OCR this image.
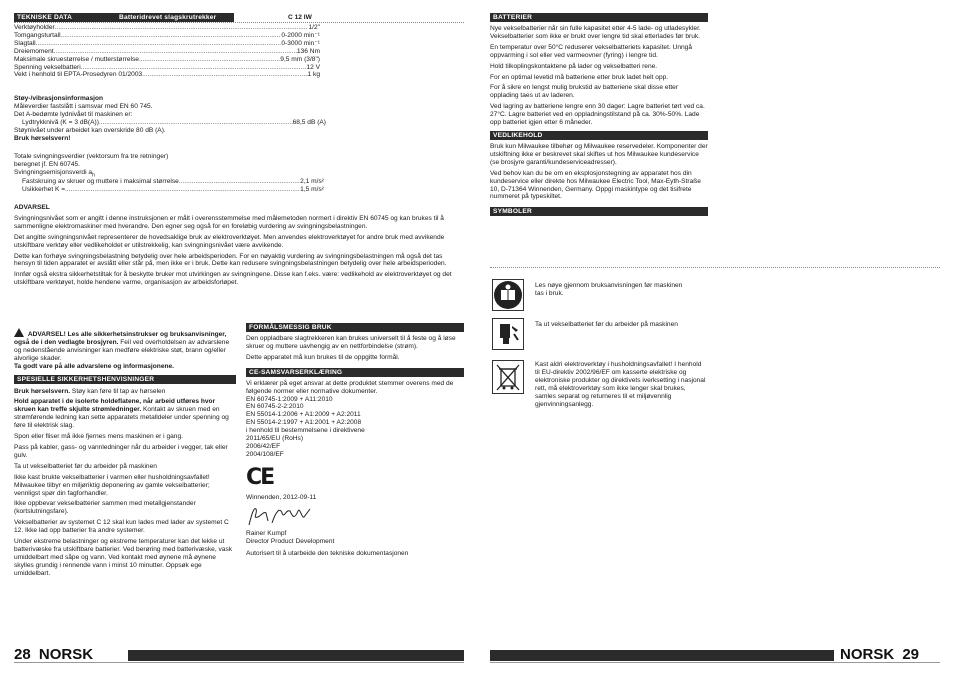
TEKNISKE DATA	Batteridrevet slagskrutrekker	C 12 IW
Verktøyholder .....	1/2"
Tomgangsturtall .....	0-2000 min⁻¹
Slagtall .....	0-3000 min⁻¹
Dreiemoment .....	136 Nm
Maksimale skruestørrelse / mutterstørrelse .....	9,5 mm (3/8")
Spenning vekselbatteri .....	12 V
Vekt i henhold til EPTA-Prosedyren 01/2003 .....	1 kg
Støy-/vibrasjonsinformasjon
Måleverdier fastslått i samsvar med EN 60 745.
Det A-bedømte lydnivået til maskinen er:
Lydtrykknivå (K = 3 dB(A)) .....	68,5 dB (A)
Støynivået under arbeidet kan overskride 80 dB (A).
Bruk hørselsvern!
Totale svingningsverdier (vektorsum fra tre retninger)
beregnet jf. EN 60745.
Svingningsemisjonsverdi $a_h$
Fastskruing av skruer og muttere i maksimal størrelse .....	2,1 m/s²
Usikkerhet K = .....	1,5 m/s²

ADVARSEL

Svingningsnivået som er angitt i denne instruksjonen er målt i overensstemmelse med målemetoden normert i direktiv EN 60745 og kan brukes til å sammenligne elektromaskiner med hverandre. Den egner seg også for en foreløbig vurdering av svingningsbelastningen.

Det angitte svingningsnivået representerer de hovedsaklige bruk av elektroverktøyet. Men anvendes elektroverktøyet for andre bruk med avvikende utskiftbare verktøy eller vedlikeholdet er utilstrekkelig, kan svingningsnivået være avvikende.

Dette kan forhøye svingningsbelastning betydelig over hele arbeidsperioden. For en nøyaktig vurdering av svingningsbelastningen må også det tas hensyn til tiden apparatet er avslått eller står på, men ikke er i bruk. Dette kan redusere svingningsbelastningen betydelig over hele arbeidsperioden.

Innfør også ekstra sikkerhetstiltak for å beskytte bruker mot utvirkingen av svingningene. Disse kan f.eks. være: vedlikehold av elektroverktøyet og det utskiftbare verktøyet, holde hendene varme, organisasjon av arbeidsforløpet.

ADVARSEL! Les alle sikkerhetsinstrukser og bruksanvisninger, også de i den vedlagte brosjyren. Feil ved overholdelsen av advarslene og nedenstående anvisninger kan medføre elektriske støt, brann og/eller alvorlige skader.
Ta godt vare på alle advarslene og informasjonene.

SPESIELLE SIKKERHETSHENVISNINGER

Bruk hørselsvern. Støy kan føre til tap av hørselen

Hold apparatet i de isolerte holdeflatene, når arbeid utføres hvor skruen kan treffe skjulte strømledninger. Kontakt av skruen med en strømførende ledning kan sette apparatets metalldeler under spenning og føre til elektrisk slag.

Spon eller fliser må ikke fjernes mens maskinen er i gang.

Pass på kabler, gass- og vannledninger når du arbeider i vegger, tak eller gulv.

Ta ut vekselbatteriet før du arbeider på maskinen

Ikke kast brukte vekselbatterier i varmen eller husholdningsavfallet! Milwaukee tilbyr en miljøriktig deponering av gamle vekselbatterier; vennligst spør din fagforhandler.

Ikke oppbevar vekselbatterier sammen med metallgjenstander (kortslutningsfare).

Vekselbatterier av systemet C 12 skal kun lades med lader av systemet C 12. Ikke lad opp batterier fra andre systemer.

Under ekstreme belastninger og ekstreme temperaturer kan det lekke ut batterivæske fra utskiftbare batterier. Ved berøring med batterivæske, vask umiddelbart med såpe og vann. Ved kontakt med øynene må øynene skylles grundig i rennende vann i minst 10 minutter. Oppsøk ege umiddelbart.

FORMÅLSMESSIG BRUK

Den oppladbare slagtrekkeren kan brukes universelt til å feste og å løse skruer og muttere uavhengig av en nettforbindelse (strøm).

Dette apparatet må kun brukes til de oppgitte formål.

CE-SAMSVARSERKLÆRING

Vi erklærer på eget ansvar at dette produktet stemmer overens med de følgende normer eller normative dokumenter.

EN 60745-1:2009 + A11:2010
EN 60745-2-2:2010
EN 55014-1:2006 + A1:2009 + A2:2011
EN 55014-2:1997 + A1:2001 + A2:2008
i henhold til bestemmelsene i direktivene
2011/65/EU (RoHs)
2006/42/EF
2004/108/EF
CE
Winnenden, 2012-09-11
Rainer Kumpf
Director Product Development
Autorisert til å utarbeide den tekniske dokumentasjonen
28 NORSK
BATTERIER

Nye vekselbatterier når sin fulle kapasitet etter 4-5 lade- og utladesykler. Vekselbatterier som ikke er brukt over lengre tid skal etterlades før bruk.

En temperatur over 50°C reduserer vekselbatteriets kapasitet. Unngå oppvarming i sol eller ved varmeovner (fyring) i lengre tid.

Hold tilkoplingskontaktene på lader og vekselbatteri rene.

For en optimal levetid må batteriene etter bruk ladet helt opp.

For å sikre en lengst mulig brukstid av batteriene skal disse etter opplading taes ut av laderen.

Ved lagring av batteriene lengre enn 30 dager: Lagre batteriet tørt ved ca. 27°C. Lagre batteriet ved en oppladningstilstand på ca. 30%-50%. Lade opp batteriet igjen etter 6 måneder.

VEDLIKEHOLD

Bruk kun Milwaukee tilbehør og Milwaukee reservedeler. Komponenter der utskiftning ikke er beskrevet skal skiftes ut hos Milwaukee kundeservice (se brosjyre garanti/kundeserviceadresser).

Ved behov kan du be om en eksplosjonstegning av apparatet hos din kundeservice eller direkte hos Milwaukee Electric Tool, Max-Eyth-Straße 10, D-71364 Winnenden, Germany. Oppgi maskintype og det tisifrete nummeret på typeskiltet.

SYMBOLER
Les nøye gjennom bruksanvisningen før maskinen tas i bruk.
Ta ut vekselbatteriet før du arbeider på maskinen
Kast aldri elektroverktøy i husholdningsavfallet! I henhold til EU-direktiv 2002/96/EF om kasserte elektriske og elektroniske produkter og direktivets iverksetting i nasjonal rett, må elektroverktøy som ikke lenger skal brukes, samles separat og returneres til et miljøvennlig gjenvinningsanlegg.
NORSK 29
